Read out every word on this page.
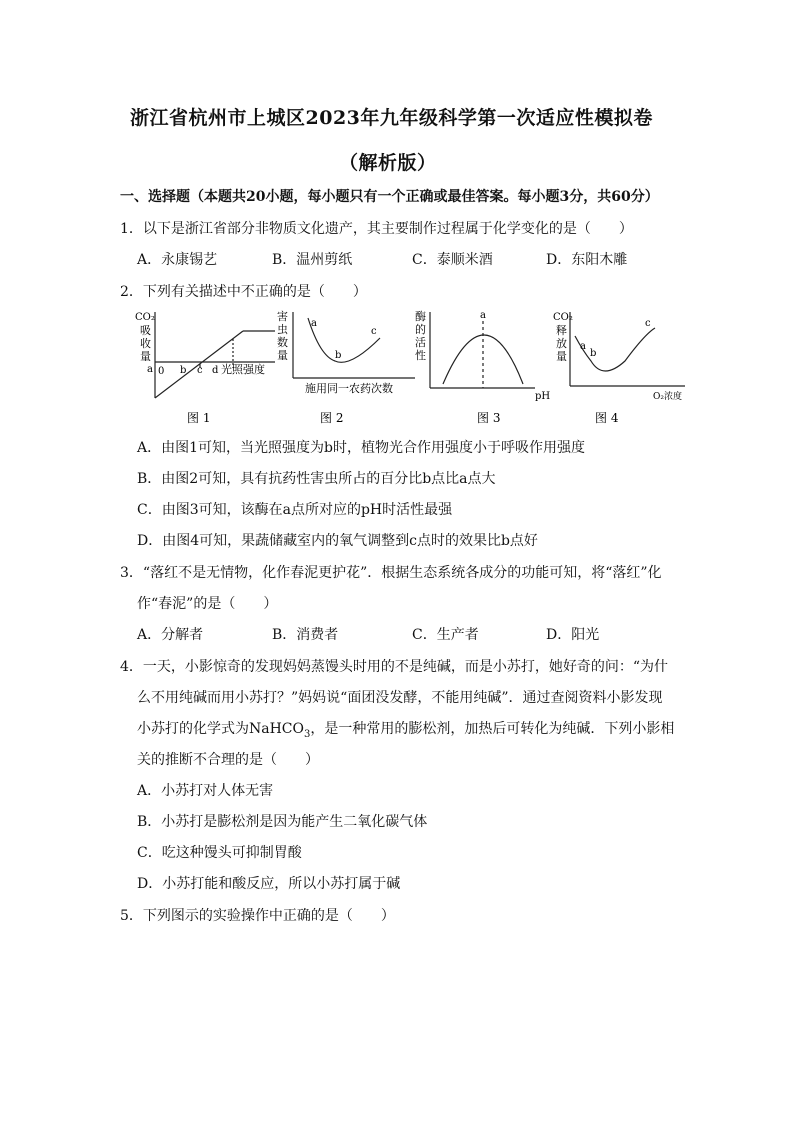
浙江省杭州市上城区2023年九年级科学第一次适应性模拟卷
（解析版）
一、选择题（本题共20小题，每小题只有一个正确或最佳答案。每小题3分，共60分）
1．以下是浙江省部分非物质文化遗产，其主要制作过程属于化学变化的是（　　）
A．永康锡艺	B．温州剪纸	C．泰顺米酒	D．东阳木雕
2．下列有关描述中不正确的是（　　）
CO₂
吸
收
量
0
a	b c d 光照强度
图 1
害
虫
数
量
a
b
c
施用同一农药次数
图 2
酶
的
活
性
a
pH
图 3
CO₂
释
放
量
a
b
c
O₂浓度
图 4
A．由图1可知，当光照强度为b时，植物光合作用强度小于呼吸作用强度
B．由图2可知，具有抗药性害虫所占的百分比b点比a点大
C．由图3可知，该酶在a点所对应的pH时活性最强
D．由图4可知，果蔬储藏室内的氧气调整到c点时的效果比b点好
3．“落红不是无情物，化作春泥更护花”．根据生态系统各成分的功能可知，将“落红”化
作“春泥”的是（　　）
A．分解者	B．消费者	C．生产者	D．阳光
4．一天，小影惊奇的发现妈妈蒸馒头时用的不是纯碱，而是小苏打，她好奇的问：“为什
么不用纯碱而用小苏打？”妈妈说“面团没发酵，不能用纯碱”．通过查阅资料小影发现
小苏打的化学式为NaHCO$_3$，是一种常用的膨松剂，加热后可转化为纯碱．下列小影相
关的推断不合理的是（　　）
A．小苏打对人体无害
B．小苏打是膨松剂是因为能产生二氧化碳气体
C．吃这种馒头可抑制胃酸
D．小苏打能和酸反应，所以小苏打属于碱
5．下列图示的实验操作中正确的是（　　）
